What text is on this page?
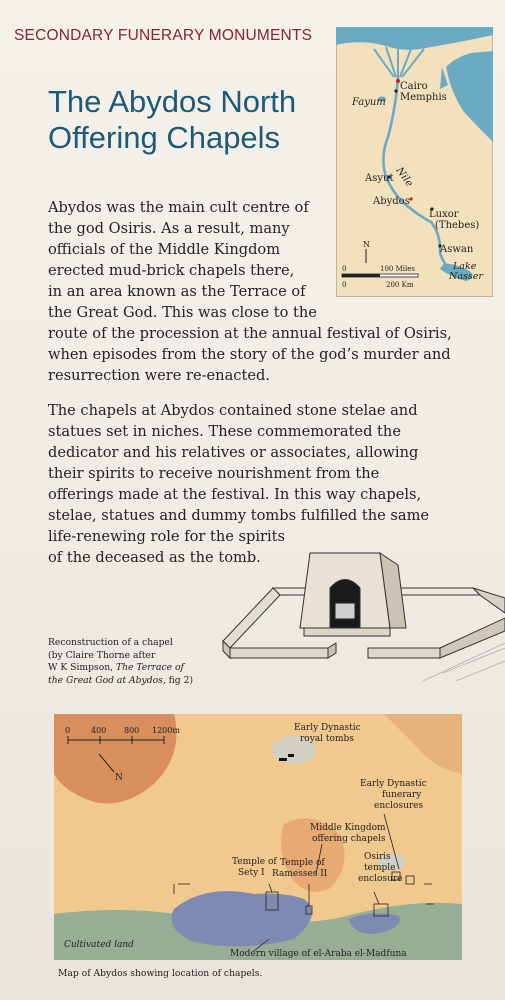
SECONDARY FUNERARY MONUMENTS
The Abydos North
Offering Chapels
Cairo
Memphis
Fayum
Nile
Asyut
Abydos
Luxor
(Thebes)
Aswan
Lake
Nasser
N
0	100 Miles
0	200 Km

Abydos was the main cult centre of
the god Osiris. As a result, many
officials of the Middle Kingdom
erected mud-brick chapels there,
in an area known as the Terrace of
the Great God. This was close to the
route of the procession at the annual festival of Osiris,
when episodes from the story of the god’s murder and
resurrection were re-enacted.

The chapels at Abydos contained stone stelae and
statues set in niches. These commemorated the
dedicator and his relatives or associates, allowing
their spirits to receive nourishment from the
offerings made at the festival. In this way chapels,
stelae, statues and dummy tombs fulfilled the same
life-renewing role for the spirits
of the deceased as the tomb.

Reconstruction of a chapel
(by Claire Thorne after
W K Simpson, The Terrace of
the Great God at Abydos, fig 2)
0	400 800 1200m
N
Early Dynastic
royal tombs
Early Dynastic
funerary
enclosures
Middle Kingdom
offering chapels
Temple of
Sety I
Temple of
Ramesses II
Osiris
temple
enclosure
Cultivated land
Modern village of el-Araba el-Madfuna
Map of Abydos showing location of chapels.
